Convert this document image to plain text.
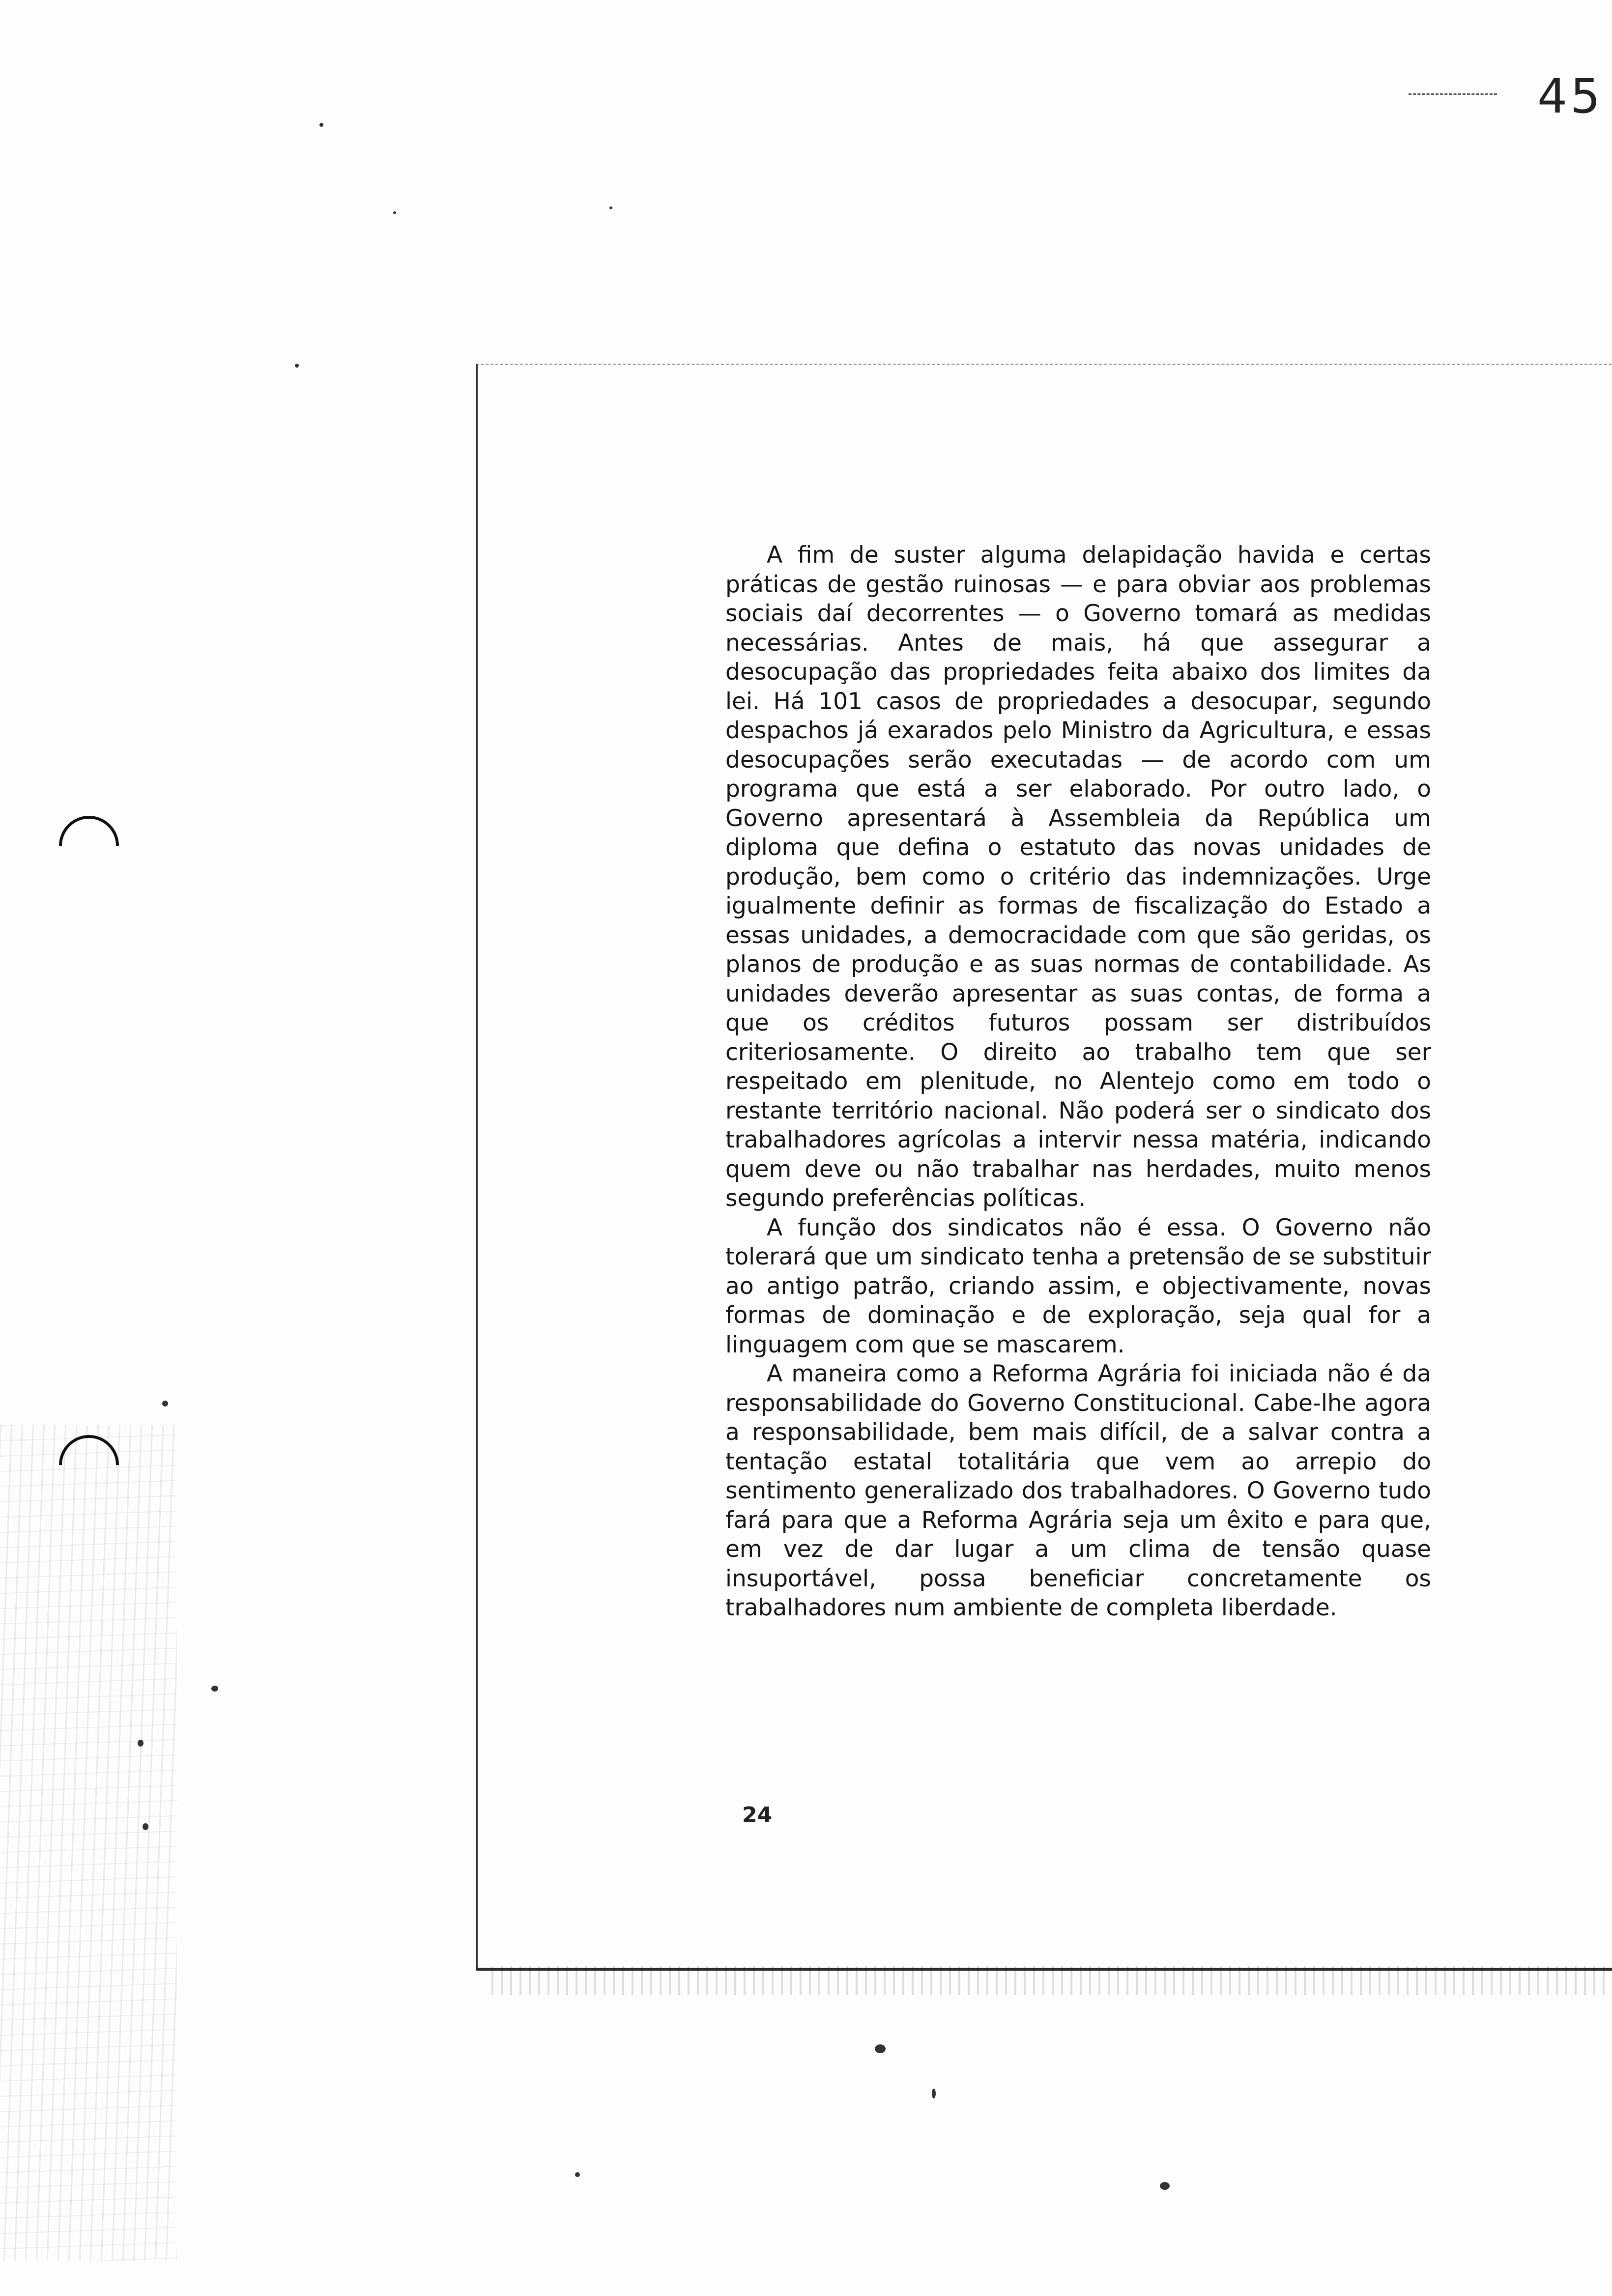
45

A fim de suster alguma delapidação havida e certas práticas de gestão ruinosas — e para obviar aos problemas sociais daí decorrentes — o Governo tomará as medidas necessárias. Antes de mais, há que assegurar a desocupação das propriedades feita abaixo dos limites da lei. Há 101 casos de propriedades a desocupar, segundo despachos já exarados pelo Ministro da Agricultura, e essas desocupações serão executadas — de acordo com um programa que está a ser elaborado. Por outro lado, o Governo apresentará à Assembleia da República um diploma que defina o estatuto das novas unidades de produção, bem como o critério das indemnizações. Urge igualmente definir as formas de fiscalização do Estado a essas unidades, a democracidade com que são geridas, os planos de produção e as suas normas de contabilidade. As unidades deverão apresentar as suas contas, de forma a que os créditos futuros possam ser distribuídos criteriosamente. O direito ao trabalho tem que ser respeitado em plenitude, no Alentejo como em todo o restante território nacional. Não poderá ser o sindicato dos trabalhadores agrícolas a intervir nessa matéria, indicando quem deve ou não trabalhar nas herdades, muito menos segundo preferências políticas.

A função dos sindicatos não é essa. O Governo não tolerará que um sindicato tenha a pretensão de se substituir ao antigo patrão, criando assim, e objectivamente, novas formas de dominação e de exploração, seja qual for a linguagem com que se mascarem.

A maneira como a Reforma Agrária foi iniciada não é da responsabilidade do Governo Constitucional. Cabe-lhe agora a responsabilidade, bem mais difícil, de a salvar contra a tentação estatal totalitária que vem ao arrepio do sentimento generalizado dos trabalhadores. O Governo tudo fará para que a Reforma Agrária seja um êxito e para que, em vez de dar lugar a um clima de tensão quase insuportável, possa beneficiar concretamente os trabalhadores num ambiente de completa liberdade.

24
